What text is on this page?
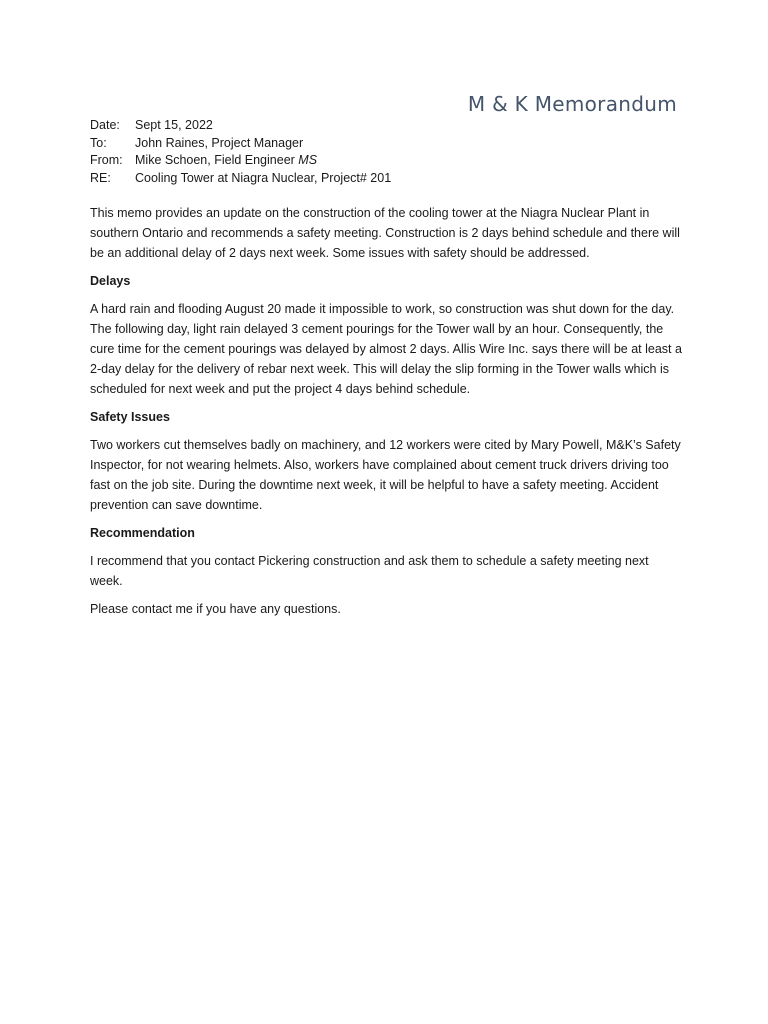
M & K Memorandum
Date:	Sept 15, 2022
To:	John Raines, Project Manager
From: Mike Schoen, Field Engineer MS
RE:	Cooling Tower at Niagra Nuclear, Project# 201

This memo provides an update on the construction of the cooling tower at the Niagra Nuclear Plant in southern Ontario and recommends a safety meeting. Construction is 2 days behind schedule and there will be an additional delay of 2 days next week. Some issues with safety should be addressed.

Delays

A hard rain and flooding August 20 made it impossible to work, so construction was shut down for the day. The following day, light rain delayed 3 cement pourings for the Tower wall by an hour. Consequently, the cure time for the cement pourings was delayed by almost 2 days. Allis Wire Inc. says there will be at least a 2-day delay for the delivery of rebar next week. This will delay the slip forming in the Tower walls which is scheduled for next week and put the project 4 days behind schedule.

Safety Issues

Two workers cut themselves badly on machinery, and 12 workers were cited by Mary Powell, M&K’s Safety Inspector, for not wearing helmets. Also, workers have complained about cement truck drivers driving too fast on the job site. During the downtime next week, it will be helpful to have a safety meeting. Accident prevention can save downtime.

Recommendation

I recommend that you contact Pickering construction and ask them to schedule a safety meeting next week.

Please contact me if you have any questions.
